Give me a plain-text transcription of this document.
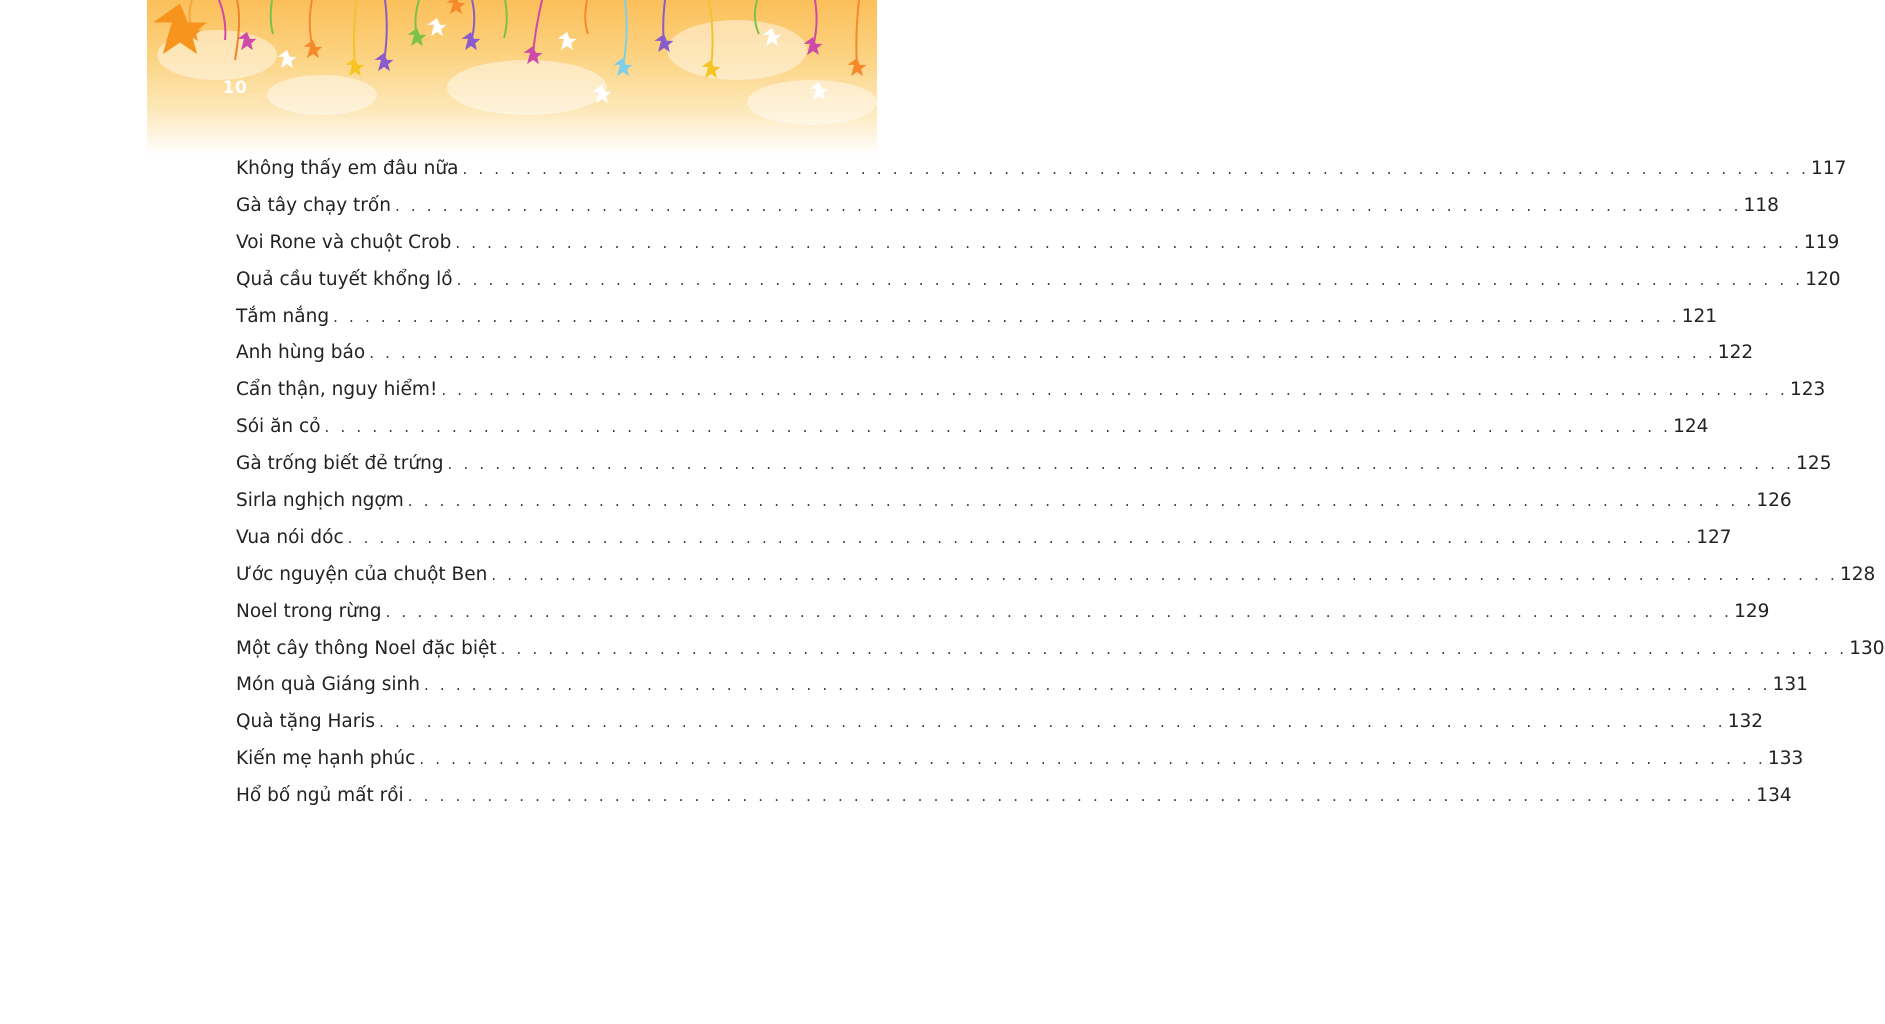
10
Không thấy em đâu nữa . . . . . . . . . . . . . . . . . . . . . . . . . . . . . . . . . . . . . . . . . . . . . . . . . . . . . . . . . . . . . . . . . . . . . . . . . . . . . . . . . . . . . 117
Gà tây chạy trốn . . . . . . . . . . . . . . . . . . . . . . . . . . . . . . . . . . . . . . . . . . . . . . . . . . . . . . . . . . . . . . . . . . . . . . . . . . . . . . . . . . . . . 118
Voi Rone và chuột Crob . . . . . . . . . . . . . . . . . . . . . . . . . . . . . . . . . . . . . . . . . . . . . . . . . . . . . . . . . . . . . . . . . . . . . . . . . . . . . . . . . . . . . 119
Quả cầu tuyết khổng lồ . . . . . . . . . . . . . . . . . . . . . . . . . . . . . . . . . . . . . . . . . . . . . . . . . . . . . . . . . . . . . . . . . . . . . . . . . . . . . . . . . . . . . 120
Tắm nắng . . . . . . . . . . . . . . . . . . . . . . . . . . . . . . . . . . . . . . . . . . . . . . . . . . . . . . . . . . . . . . . . . . . . . . . . . . . . . . . . . . . . . 121
Anh hùng báo . . . . . . . . . . . . . . . . . . . . . . . . . . . . . . . . . . . . . . . . . . . . . . . . . . . . . . . . . . . . . . . . . . . . . . . . . . . . . . . . . . . . . 122
Cẩn thận, nguy hiểm! . . . . . . . . . . . . . . . . . . . . . . . . . . . . . . . . . . . . . . . . . . . . . . . . . . . . . . . . . . . . . . . . . . . . . . . . . . . . . . . . . . . . . 123
Sói ăn cỏ . . . . . . . . . . . . . . . . . . . . . . . . . . . . . . . . . . . . . . . . . . . . . . . . . . . . . . . . . . . . . . . . . . . . . . . . . . . . . . . . . . . . . 124
Gà trống biết đẻ trứng . . . . . . . . . . . . . . . . . . . . . . . . . . . . . . . . . . . . . . . . . . . . . . . . . . . . . . . . . . . . . . . . . . . . . . . . . . . . . . . . . . . . . 125
Sirla nghịch ngợm . . . . . . . . . . . . . . . . . . . . . . . . . . . . . . . . . . . . . . . . . . . . . . . . . . . . . . . . . . . . . . . . . . . . . . . . . . . . . . . . . . . . . 126
Vua nói dóc . . . . . . . . . . . . . . . . . . . . . . . . . . . . . . . . . . . . . . . . . . . . . . . . . . . . . . . . . . . . . . . . . . . . . . . . . . . . . . . . . . . . . 127
Ước nguyện của chuột Ben . . . . . . . . . . . . . . . . . . . . . . . . . . . . . . . . . . . . . . . . . . . . . . . . . . . . . . . . . . . . . . . . . . . . . . . . . . . . . . . . . . . . . 128
Noel trong rừng . . . . . . . . . . . . . . . . . . . . . . . . . . . . . . . . . . . . . . . . . . . . . . . . . . . . . . . . . . . . . . . . . . . . . . . . . . . . . . . . . . . . . 129
Một cây thông Noel đặc biệt . . . . . . . . . . . . . . . . . . . . . . . . . . . . . . . . . . . . . . . . . . . . . . . . . . . . . . . . . . . . . . . . . . . . . . . . . . . . . . . . . . . . . 130
Món quà Giáng sinh . . . . . . . . . . . . . . . . . . . . . . . . . . . . . . . . . . . . . . . . . . . . . . . . . . . . . . . . . . . . . . . . . . . . . . . . . . . . . . . . . . . . . 131
Quà tặng Haris . . . . . . . . . . . . . . . . . . . . . . . . . . . . . . . . . . . . . . . . . . . . . . . . . . . . . . . . . . . . . . . . . . . . . . . . . . . . . . . . . . . . . 132
Kiến mẹ hạnh phúc . . . . . . . . . . . . . . . . . . . . . . . . . . . . . . . . . . . . . . . . . . . . . . . . . . . . . . . . . . . . . . . . . . . . . . . . . . . . . . . . . . . . . 133
Hổ bố ngủ mất rồi . . . . . . . . . . . . . . . . . . . . . . . . . . . . . . . . . . . . . . . . . . . . . . . . . . . . . . . . . . . . . . . . . . . . . . . . . . . . . . . . . . . . . 134
